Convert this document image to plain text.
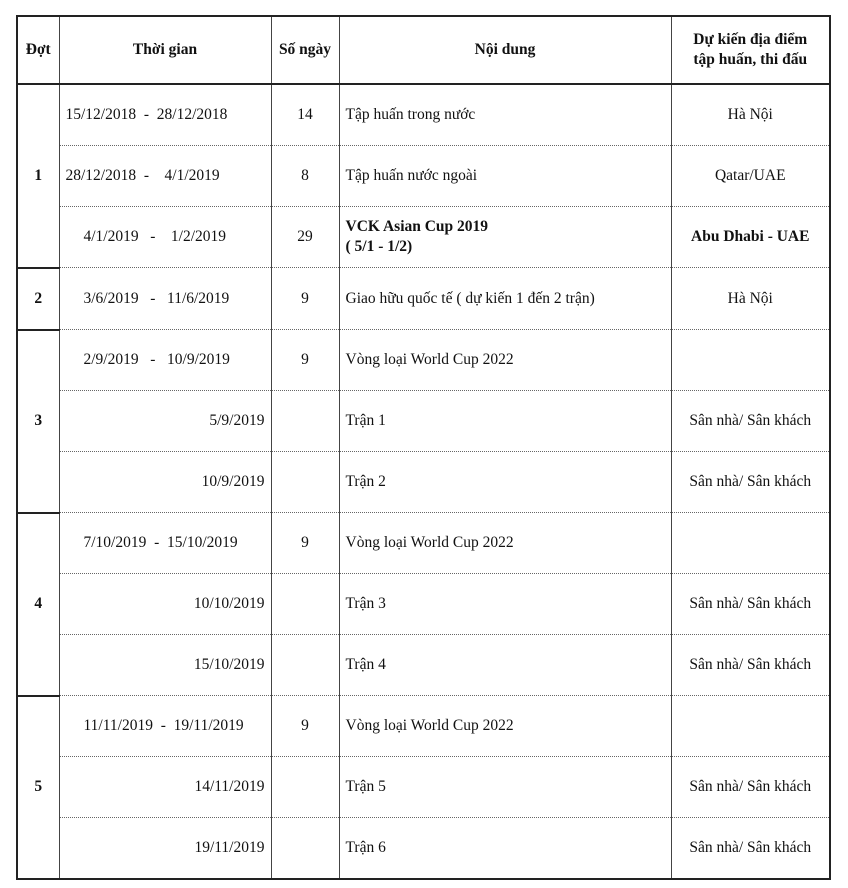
Đợt	Thời gian	Số ngày	Nội dung	Dự kiến địa điểm
tập huấn, thi đấu

1	15/12/2018  -  28/12/2018	14	Tập huấn trong nước	Hà Nội
	28/12/2018  -    4/1/2019	8	Tập huấn nước ngoài	Qatar/UAE
	4/1/2019   -    1/2/2019	29	VCK Asian Cup 2019
( 5/1 - 1/2)	Abu Dhabi - UAE
2	3/6/2019   -   11/6/2019	9	Giao hữu quốc tế ( dự kiến 1 đến 2 trận)	Hà Nội
3	2/9/2019   -   10/9/2019	9	Vòng loại World Cup 2022	
	5/9/2019		Trận 1	Sân nhà/ Sân khách
	10/9/2019		Trận 2	Sân nhà/ Sân khách
4	7/10/2019  -  15/10/2019	9	Vòng loại World Cup 2022	
	10/10/2019		Trận 3	Sân nhà/ Sân khách
	15/10/2019		Trận 4	Sân nhà/ Sân khách
5	11/11/2019  -  19/11/2019	9	Vòng loại World Cup 2022	
	14/11/2019		Trận 5	Sân nhà/ Sân khách
	19/11/2019		Trận 6	Sân nhà/ Sân khách
